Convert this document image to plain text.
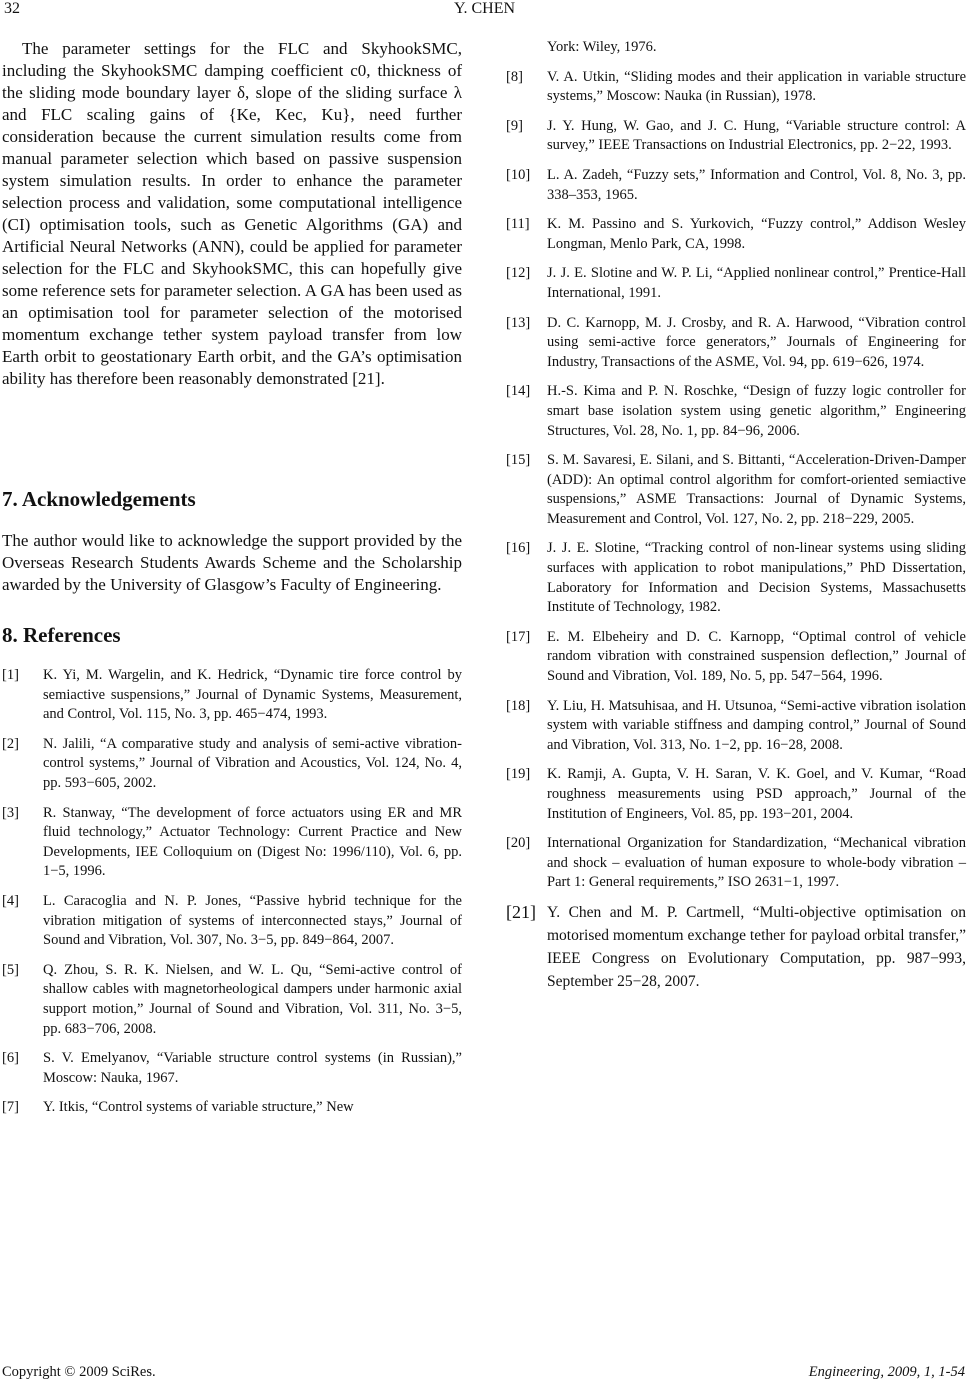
32	Y. CHEN

The parameter settings for the FLC and SkyhookSMC, including the SkyhookSMC damping coefficient c0, thickness of the sliding mode boundary layer δ, slope of the sliding surface λ and FLC scaling gains of {Ke, Kec, Ku}, need further consideration because the current simulation results come from manual parameter selection which based on passive suspension system simulation results. In order to enhance the parameter selection process and validation, some computational intelligence (CI) optimisation tools, such as Genetic Algorithms (GA) and Artificial Neural Networks (ANN), could be applied for parameter selection for the FLC and SkyhookSMC, this can hopefully give some reference sets for parameter selection. A GA has been used as an optimisation tool for parameter selection of the motorised momentum exchange tether system payload transfer from low Earth orbit to geostationary Earth orbit, and the GA’s optimisation ability has therefore been reasonably demonstrated [21].

7. Acknowledgements

The author would like to acknowledge the support provided by the Overseas Research Students Awards Scheme and the Scholarship awarded by the University of Glasgow’s Faculty of Engineering.

8. References

[1] K. Yi, M. Wargelin, and K. Hedrick, “Dynamic tire force control by semiactive suspensions,” Journal of Dynamic Systems, Measurement, and Control, Vol. 115, No. 3, pp. 465−474, 1993.

[2] N. Jalili, “A comparative study and analysis of semi-active vibration-control systems,” Journal of Vibration and Acoustics, Vol. 124, No. 4, pp. 593−605, 2002.

[3] R. Stanway, “The development of force actuators using ER and MR fluid technology,” Actuator Technology: Current Practice and New Developments, IEE Colloquium on (Digest No: 1996/110), Vol. 6, pp. 1−5, 1996.

[4] L. Caracoglia and N. P. Jones, “Passive hybrid technique for the vibration mitigation of systems of interconnected stays,” Journal of Sound and Vibration, Vol. 307, No. 3−5, pp. 849−864, 2007.

[5] Q. Zhou, S. R. K. Nielsen, and W. L. Qu, “Semi-active control of shallow cables with magnetorheological dampers under harmonic axial support motion,” Journal of Sound and Vibration, Vol. 311, No. 3−5, pp. 683−706, 2008.

[6] S. V. Emelyanov, “Variable structure control systems (in Russian),” Moscow: Nauka, 1967.

[7] Y. Itkis, “Control systems of variable structure,” New

York: Wiley, 1976.

[8] V. A. Utkin, “Sliding modes and their application in variable structure systems,” Moscow: Nauka (in Russian), 1978.

[9] J. Y. Hung, W. Gao, and J. C. Hung, “Variable structure control: A survey,” IEEE Transactions on Industrial Electronics, pp. 2−22, 1993.

[10] L. A. Zadeh, “Fuzzy sets,” Information and Control, Vol. 8, No. 3, pp. 338–353, 1965.

[11] K. M. Passino and S. Yurkovich, “Fuzzy control,” Addison Wesley Longman, Menlo Park, CA, 1998.

[12] J. J. E. Slotine and W. P. Li, “Applied nonlinear control,” Prentice-Hall International, 1991.

[13] D. C. Karnopp, M. J. Crosby, and R. A. Harwood, “Vibration control using semi-active force generators,” Journals of Engineering for Industry, Transactions of the ASME, Vol. 94, pp. 619−626, 1974.

[14] H.-S. Kima and P. N. Roschke, “Design of fuzzy logic controller for smart base isolation system using genetic algorithm,” Engineering Structures, Vol. 28, No. 1, pp. 84−96, 2006.

[15] S. M. Savaresi, E. Silani, and S. Bittanti, “Acceleration-Driven-Damper (ADD): An optimal control algorithm for comfort-oriented semiactive suspensions,” ASME Transactions: Journal of Dynamic Systems, Measurement and Control, Vol. 127, No. 2, pp. 218−229, 2005.

[16] J. J. E. Slotine, “Tracking control of non-linear systems using sliding surfaces with application to robot manipulations,” PhD Dissertation, Laboratory for Information and Decision Systems, Massachusetts Institute of Technology, 1982.

[17] E. M. Elbeheiry and D. C. Karnopp, “Optimal control of vehicle random vibration with constrained suspension deflection,” Journal of Sound and Vibration, Vol. 189, No. 5, pp. 547−564, 1996.

[18] Y. Liu, H. Matsuhisaa, and H. Utsunoa, “Semi-active vibration isolation system with variable stiffness and damping control,” Journal of Sound and Vibration, Vol. 313, No. 1−2, pp. 16−28, 2008.

[19] K. Ramji, A. Gupta, V. H. Saran, V. K. Goel, and V. Kumar, “Road roughness measurements using PSD approach,” Journal of the Institution of Engineers, Vol. 85, pp. 193−201, 2004.

[20] International Organization for Standardization, “Mechanical vibration and shock – evaluation of human exposure to whole-body vibration – Part 1: General requirements,” ISO 2631−1, 1997.

[21] Y. Chen and M. P. Cartmell, “Multi-objective optimisation on motorised momentum exchange tether for payload orbital transfer,” IEEE Congress on Evolutionary Computation, pp. 987−993, September 25−28, 2007.

Copyright © 2009 SciRes.	Engineering, 2009, 1, 1-54
